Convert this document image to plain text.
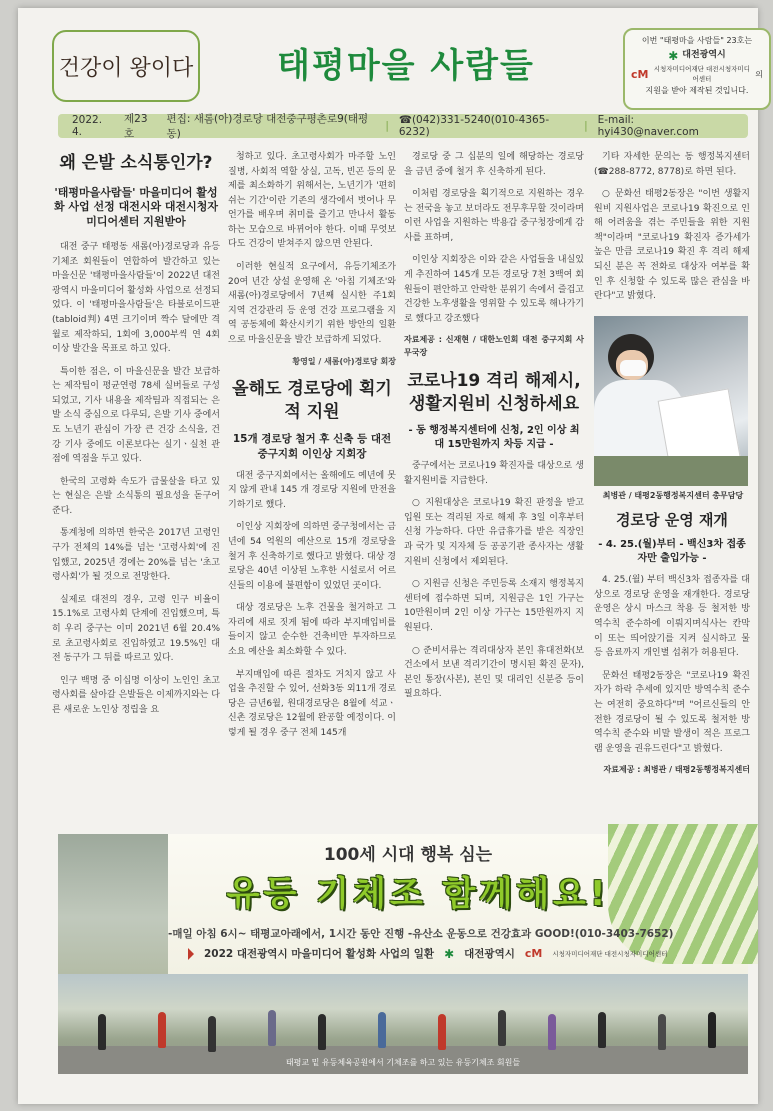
건강이 왕이다	태평마을 사람들
이번 "태평마을 사람들" 23호는
✱ 대전광역시
cM 시청자미디어재단 대전시청자미디어센터	의
지원을 받아 제작된 것입니다.
2022. 4.
제23호
편집: 새롬(아)경로당 대전중구평촌로9(태평동)
| ☎(042)331-5240(010-4365-6232)	| E-mail: hyi430@naver.com
왜 은발 소식통인가?
'태평마을사람들' 마을미디어 활성화 사업 선정 대전시와 대전시청자미디어센터 지원받아

대전 중구 태평동 새롬(아)경로당과 유등기체조 회원들이 연합하여 발간하고 있는 마을신문 '태평마을사람들'이 2022년 대전광역시 마을미디어 활성화 사업으로 선정되었다. 이 '태평마을사람들'은 타블로이드판(tabloid判) 4면 크기이며 짝수 달에만 격월로 제작하되, 1회에 3,000부씩 연 4회 이상 발간을 목표로 하고 있다.

특이한 점은, 이 마을신문을 발간 보급하는 제작팀이 평균연령 78세 실버들로 구성되었고, 기사 내용을 제작팀과 직접되는 은발 소식 중심으로 다루되, 은발 기사 중에서도 노년기 관심이 가장 큰 건강 소식을, 건강 기사 중에도 이론보다는 실기ㆍ실천 관점에 역점을 두고 있다.

한국의 고령화 속도가 급물살을 타고 있는 현실은 은발 소식통의 필요성을 돋구어 준다.

통계청에 의하면 한국은 2017년 고령인구가 전체의 14%를 넘는 '고령사회'에 진입했고, 2025년 경에는 20%를 넘는 '초고령사회'가 될 것으로 전망한다.

실제로 대전의 경우, 고령 인구 비율이 15.1%로 고령사회 단계에 진입했으며, 특히 우리 중구는 이미 2021년 6월 20.4%로 초고령사회로 진입하였고 19.5%인 대전 동구가 그 뒤를 따르고 있다.

인구 백명 중 이십명 이상이 노인인 초고령사회를 살아갈 은발들은 이제까지와는 다른 새로운 노인상 정립을 요

청하고 있다. 초고령사회가 마주할 노인질병, 사회적 역할 상실, 고독, 빈곤 등의 문제를 최소화하기 위해서는, 노년기가 '편히 쉬는 기간'이란 기존의 생각에서 벗어나 무언가를 배우며 취미를 즐기고 만나서 활동하는 모습으로 바뀌어야 한다. 이때 무엇보다도 건강이 받쳐주지 않으면 안된다.

이러한 현실적 요구에서, 유등기체조가 20여 년간 상설 운영해 온 '아침 기체조'와 새롬(아)경로당에서 7년째 실시한 주1회 지역 건강관리 등 운영 건강 프로그램을 지역 공동체에 확산시키기 위한 방안의 일환으로 마을신문을 발간 보급하게 되었다.

황영일 / 새롬(아)경로당 회장
올해도 경로당에 획기적 지원
15개 경로당 철거 후 신축 등 대전 중구지회 이인상 지회장

대전 중구지회에서는 올해에도 예년에 못지 않게 관내 145 개 경로당 지원에 만전을 기하기로 했다.

이인상 지회장에 의하면 중구청에서는 금년에 54 억원의 예산으로 15개 경로당을 철거 후 신축하기로 했다고 밝혔다. 대상 경로당은 40년 이상된 노후한 시설로서 어르신들의 이용에 불편함이 있었던 곳이다.

대상 경로당은 노후 건물을 철거하고 그 자리에 새로 짓게 됨에 따라 부지매입비를 들이지 않고 순수한 건축비만 투자하므로 소요 예산을 최소화할 수 있다.

부지매입에 따른 절차도 거치지 않고 사업을 추진할 수 있어, 선화3동 외11개 경로당은 금년6월, 원대경로당은 8월에 석교ㆍ신촌 경로당은 12월에 완공할 예정이다. 이렇게 될 경우 중구 전체 145개

경로당 중 그 십분의 일에 해당하는 경로당을 금년 중에 철거 후 신축하게 된다.

이처럼 경로당을 획기적으로 지원하는 경우는 전국을 놓고 보더라도 전무후무할 것이라며 이런 사업을 지원하는 박용갑 중구청장에게 감사를 표하며,

이인상 지회장은 이와 같은 사업들을 내실있게 추진하여 145개 모든 경로당 7천 3백여 회원들이 편안하고 안락한 분위기 속에서 즐겁고 건강한 노후생활을 영위할 수 있도록 해나가기로 했다고 강조했다

자료제공 : 신재현 / 대한노인회 대전 중구지회 사무국장
코로나19 격리 해제시, 생활지원비 신청하세요
- 동 행정복지센터에 신청, 2인 이상 최대 15만원까지 차등 지급 -

중구에서는 코로나19 확진자를 대상으로 생활지원비를 지급한다.

○ 지원대상은 코로나19 확진 판정을 받고 입원 또는 격리된 자로 해제 후 3일 이후부터 신청 가능하다. 다만 유급휴가를 받은 직장인과 국가 및 지자체 등 공공기관 종사자는 생활지원비 신청에서 제외된다.

○ 지원금 신청은 주민등록 소재지 행정복지센터에 접수하면 되며, 지원금은 1인 가구는 10만원이며 2인 이상 가구는 15만원까지 지원된다.

○ 준비서류는 격리대상자 본인 휴대전화(보건소에서 보낸 격리기간이 명시된 확진 문자), 본인 통장(사본), 본인 및 대리인 신분증 등이 필요하다.

기타 자세한 문의는 동 행정복지센터(☎288-8772, 8778)로 하면 된다.

○ 문화선 태평2동장은 "이번 생활지원비 지원사업은 코로나19 확진으로 인해 어려움을 겪는 주민들을 위한 지원책"이라며 "코로나19 확진자 증가세가 높은 만큼 코로나19 확진 후 격리 해제되신 분은 꼭 전화로 대상자 여부를 확인 후 신청할 수 있도록 많은 관심을 바란다"고 밝혔다.

최병관 / 태평2동행정복지센터 총무담당
경로당 운영 재개
- 4. 25.(월)부터 - 백신3차 접종자만 출입가능 -

4. 25.(월) 부터 백신3차 접종자를 대상으로 경로당 운영을 재개한다. 경로당 운영은 상시 마스크 착용 등 철저한 방역수칙 준수하에 이뤄지며식사는 칸막이 또는 띄어앉기를 지켜 실시하고 물 등 음료까지 개인별 섭취가 허용된다.

문화선 태평2동장은 "코로나19 확진자가 하락 추세에 있지만 방역수칙 준수는 여전히 중요하다"며 "어르신들의 안전한 경로당이 될 수 있도록 철저한 방역수칙 준수와 비말 발생이 적은 프로그램 운영을 권유드린다"고 밝혔다.

자료제공 : 최병관 / 태평2동행정복지센터
100세 시대 행복 심는
유등 기체조 함께해요!
-매일 아침 6시~ 태평교아래에서, 1시간 동안 진행 -유산소 운동으로 건강효과 GOOD!(010-3403-7652)
2022 대전광역시 마을미디어 활성화 사업의 일환 ✱ 대전광역시 cM 시청자미디어재단 대전시청자미디어센터
태평교 밑 유등체육공원에서 기체조를 하고 있는 유등기체조 회원들
